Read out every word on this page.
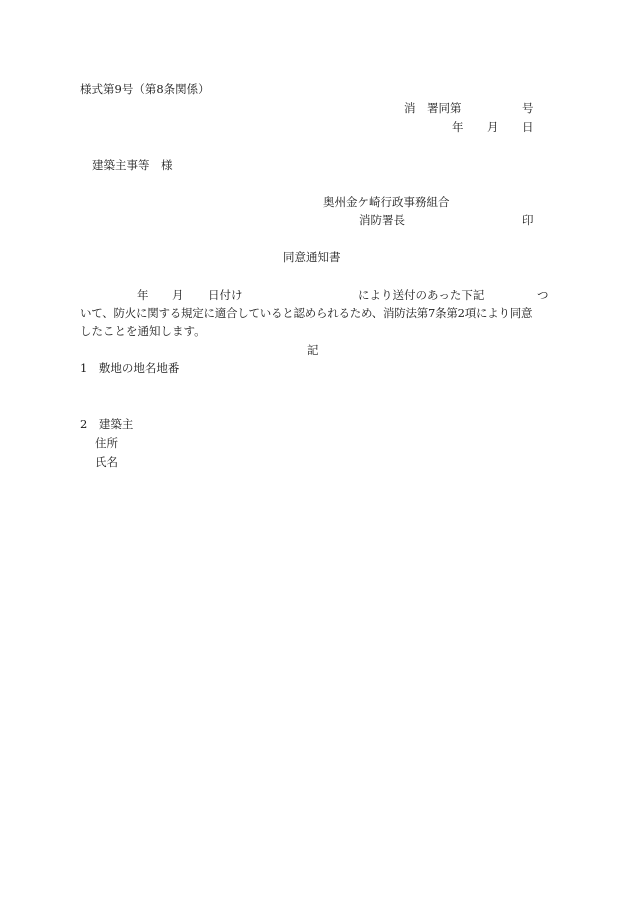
様式第9号（第8条関係）
消　署同第	号
年 月 日
建築主事等　様
奥州金ケ崎行政事務組合
消防署長	印
同意通知書
年 月 日付け	により送付のあった下記	つ
いて、防火に関する規定に適合していると認められるため、消防法第7条第2項により同意
したことを通知します。
記
1　敷地の地名地番
2　建築主
住所
氏名
